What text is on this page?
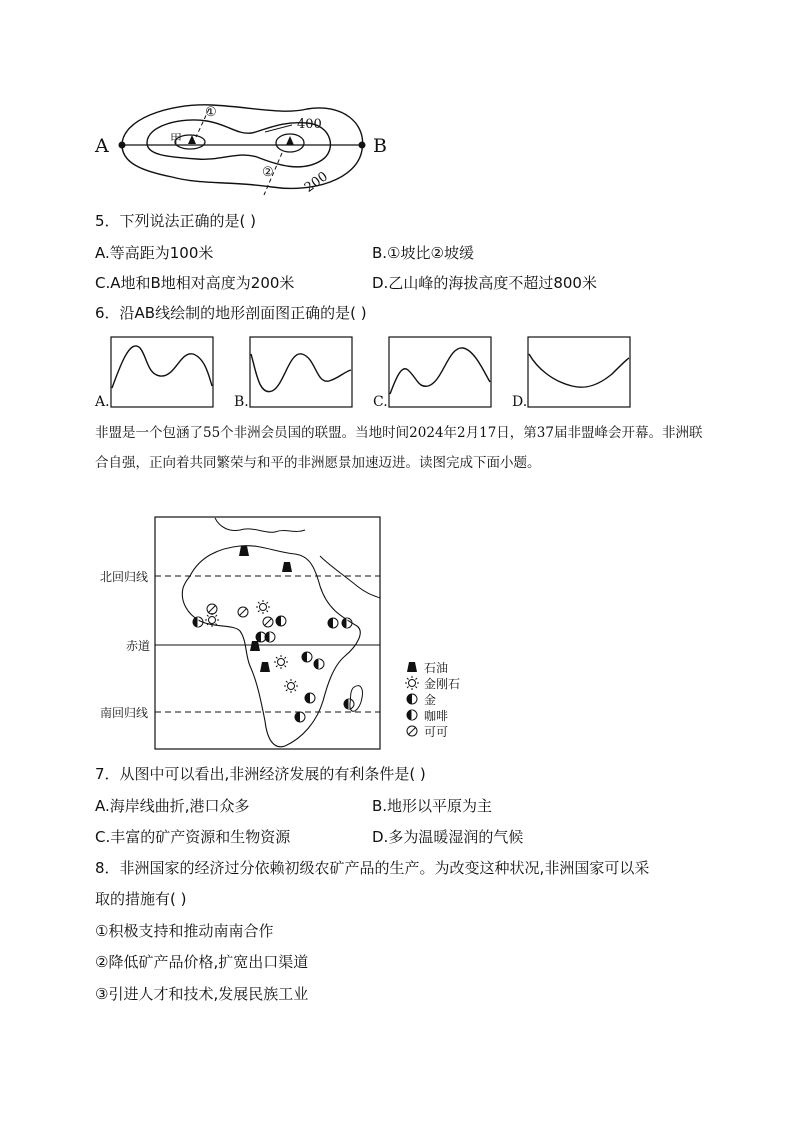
A	B
400
200
①
②
甲
5．下列说法正确的是( )
A.等高距为100米	B.①坡比②坡缓
C.A地和B地相对高度为200米	D.乙山峰的海拔高度不超过800米
6．沿AB线绘制的地形剖面图正确的是( )
A.	B.	C.	D.
非盟是一个包涵了55个非洲会员国的联盟。当地时间2024年2月17日，第37届非盟峰会开幕。非洲联合自强，正向着共同繁荣与和平的非洲愿景加速迈进。读图完成下面小题。
北回归线
赤道
南回归线
石油
金刚石
金
咖啡
可可
7．从图中可以看出,非洲经济发展的有利条件是( )
A.海岸线曲折,港口众多	B.地形以平原为主
C.丰富的矿产资源和生物资源	D.多为温暖湿润的气候
8．非洲国家的经济过分依赖初级农矿产品的生产。为改变这种状况,非洲国家可以采
取的措施有( )
①积极支持和推动南南合作
②降低矿产品价格,扩宽出口渠道
③引进人才和技术,发展民族工业
